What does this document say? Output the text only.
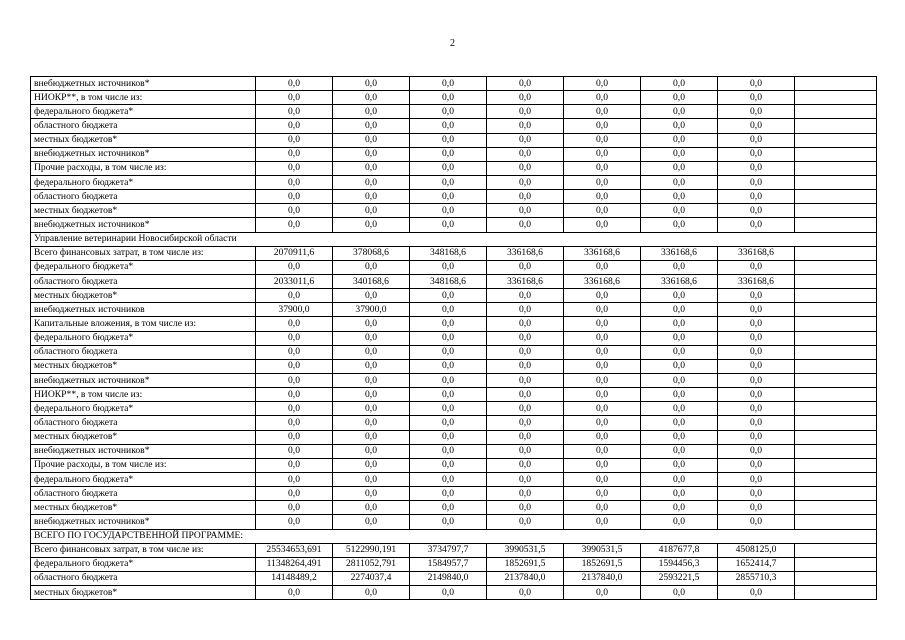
2
внебюджетных источников*	0,0	0,0	0,0	0,0	0,0	0,0	0,0	
НИОКР**, в том числе из:	0,0	0,0	0,0	0,0	0,0	0,0	0,0	
федерального бюджета*	0,0	0,0	0,0	0,0	0,0	0,0	0,0	
областного бюджета	0,0	0,0	0,0	0,0	0,0	0,0	0,0	
местных бюджетов*	0,0	0,0	0,0	0,0	0,0	0,0	0,0	
внебюджетных источников*	0,0	0,0	0,0	0,0	0,0	0,0	0,0	
Прочие расходы, в том числе из:	0,0	0,0	0,0	0,0	0,0	0,0	0,0	
федерального бюджета*	0,0	0,0	0,0	0,0	0,0	0,0	0,0	
областного бюджета	0,0	0,0	0,0	0,0	0,0	0,0	0,0	
местных бюджетов*	0,0	0,0	0,0	0,0	0,0	0,0	0,0	
внебюджетных источников*	0,0	0,0	0,0	0,0	0,0	0,0	0,0	
Управление ветеринарии Новосибирской области								
Всего финансовых затрат, в том числе из:	2070911,6	378068,6	348168,6	336168,6	336168,6	336168,6	336168,6	
федерального бюджета*	0,0	0,0	0,0	0,0	0,0	0,0	0,0	
областного бюджета	2033011,6	340168,6	348168,6	336168,6	336168,6	336168,6	336168,6	
местных бюджетов*	0,0	0,0	0,0	0,0	0,0	0,0	0,0	
внебюджетных источников	37900,0	37900,0	0,0	0,0	0,0	0,0	0,0	
Капитальные вложения, в том числе из:	0,0	0,0	0,0	0,0	0,0	0,0	0,0	
федерального бюджета*	0,0	0,0	0,0	0,0	0,0	0,0	0,0	
областного бюджета	0,0	0,0	0,0	0,0	0,0	0,0	0,0	
местных бюджетов*	0,0	0,0	0,0	0,0	0,0	0,0	0,0	
внебюджетных источников*	0,0	0,0	0,0	0,0	0,0	0,0	0,0	
НИОКР**, в том числе из:	0,0	0,0	0,0	0,0	0,0	0,0	0,0	
федерального бюджета*	0,0	0,0	0,0	0,0	0,0	0,0	0,0	
областного бюджета	0,0	0,0	0,0	0,0	0,0	0,0	0,0	
местных бюджетов*	0,0	0,0	0,0	0,0	0,0	0,0	0,0	
внебюджетных источников*	0,0	0,0	0,0	0,0	0,0	0,0	0,0	
Прочие расходы, в том числе из:	0,0	0,0	0,0	0,0	0,0	0,0	0,0	
федерального бюджета*	0,0	0,0	0,0	0,0	0,0	0,0	0,0	
областного бюджета	0,0	0,0	0,0	0,0	0,0	0,0	0,0	
местных бюджетов*	0,0	0,0	0,0	0,0	0,0	0,0	0,0	
внебюджетных источников*	0,0	0,0	0,0	0,0	0,0	0,0	0,0	
ВСЕГО ПО ГОСУДАРСТВЕННОЙ ПРОГРАММЕ:								
Всего финансовых затрат, в том числе из:	25534653,691	5122990,191	3734797,7	3990531,5	3990531,5	4187677,8	4508125,0	
федерального бюджета*	11348264,491	2811052,791	1584957,7	1852691,5	1852691,5	1594456,3	1652414,7	
областного бюджета	14148489,2	2274037,4	2149840,0	2137840,0	2137840,0	2593221,5	2855710,3	
местных бюджетов*	0,0	0,0	0,0	0,0	0,0	0,0	0,0	
